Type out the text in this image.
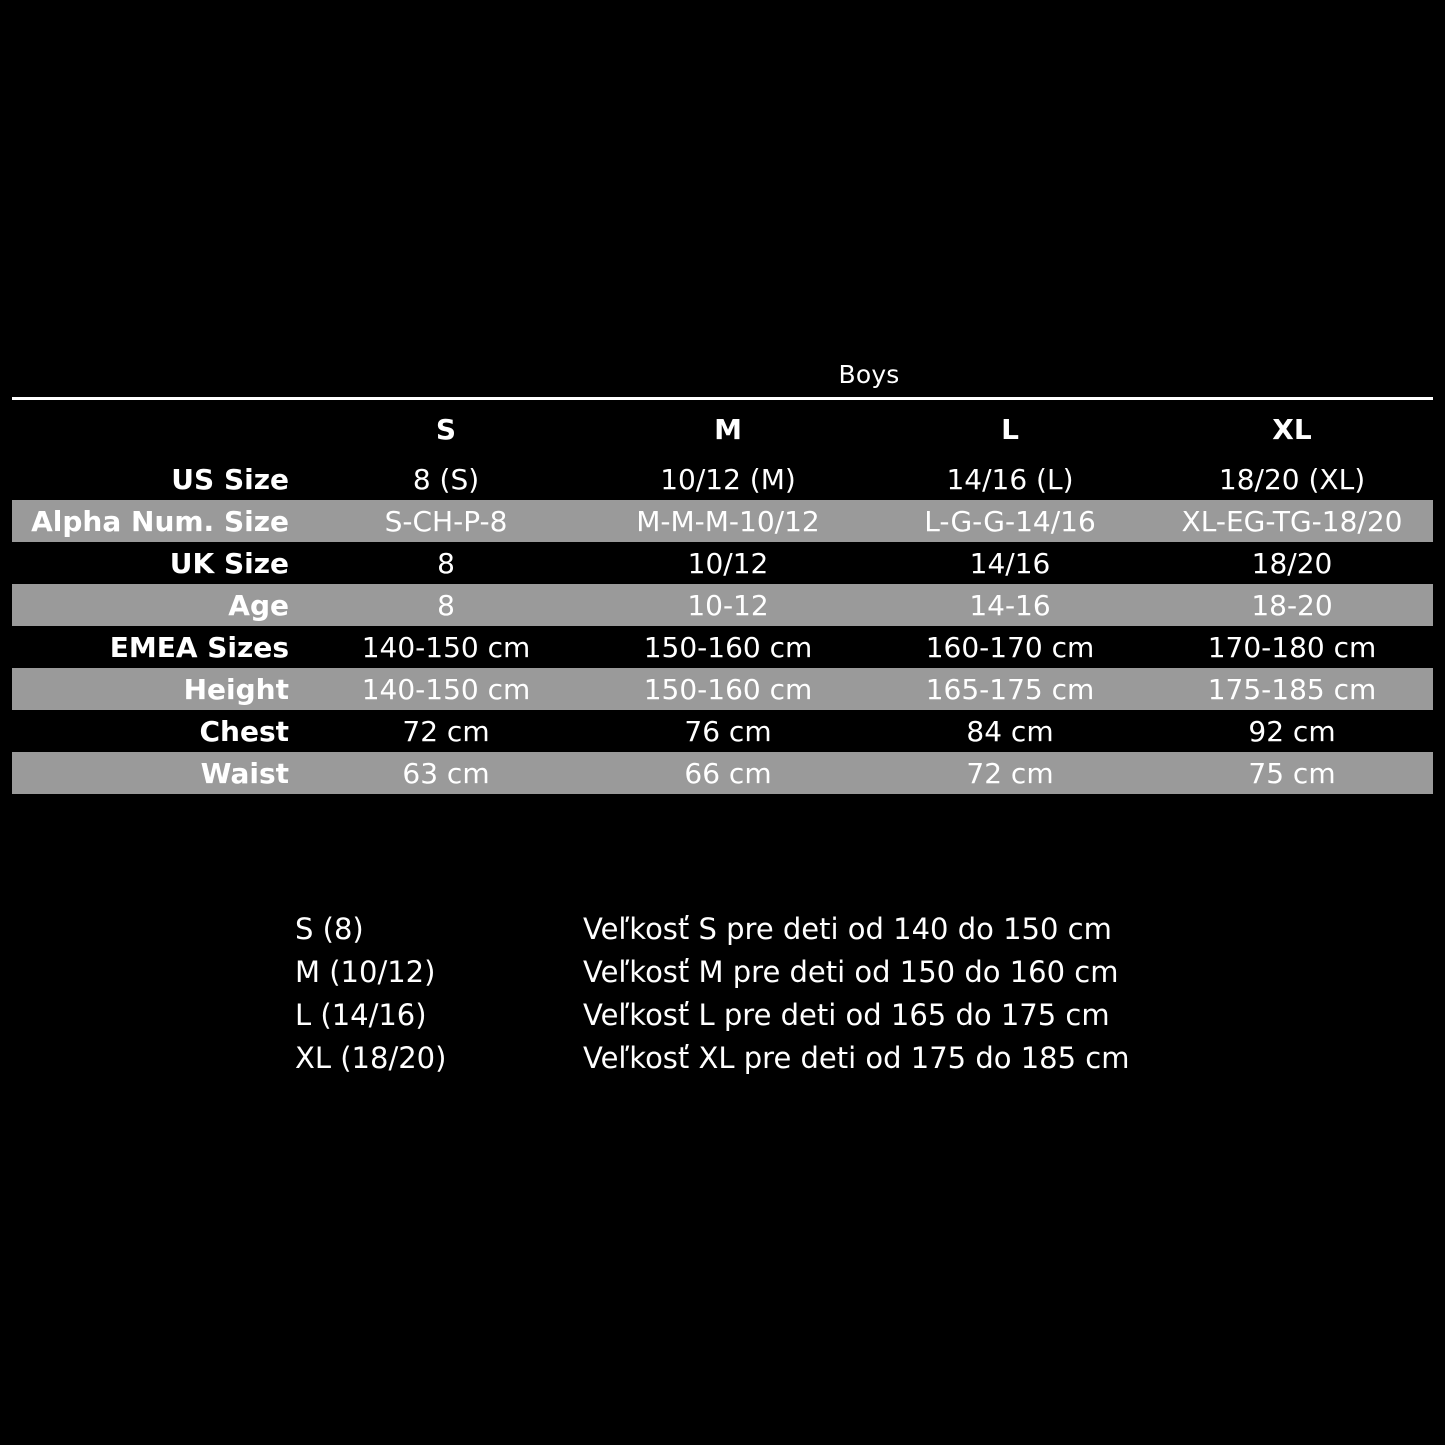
	Boys			

	S	M	L	XL
US Size	8 (S)	10/12 (M)	14/16 (L)	18/20 (XL)
Alpha Num. Size	S-CH-P-8	M-M-M-10/12	L-G-G-14/16	XL-EG-TG-18/20
UK Size	8	10/12	14/16	18/20
Age	8	10-12	14-16	18-20
EMEA Sizes	140-150 cm	150-160 cm	160-170 cm	170-180 cm
Height	140-150 cm	150-160 cm	165-175 cm	175-185 cm
Chest	72 cm	76 cm	84 cm	92 cm
Waist	63 cm	66 cm	72 cm	75 cm
S (8)	Veľkosť S pre deti od 140 do 150 cm
M (10/12)	Veľkosť M pre deti od 150 do 160 cm
L (14/16)	Veľkosť L pre deti od 165 do 175 cm
XL (18/20)	Veľkosť XL pre deti od 175 do 185 cm
